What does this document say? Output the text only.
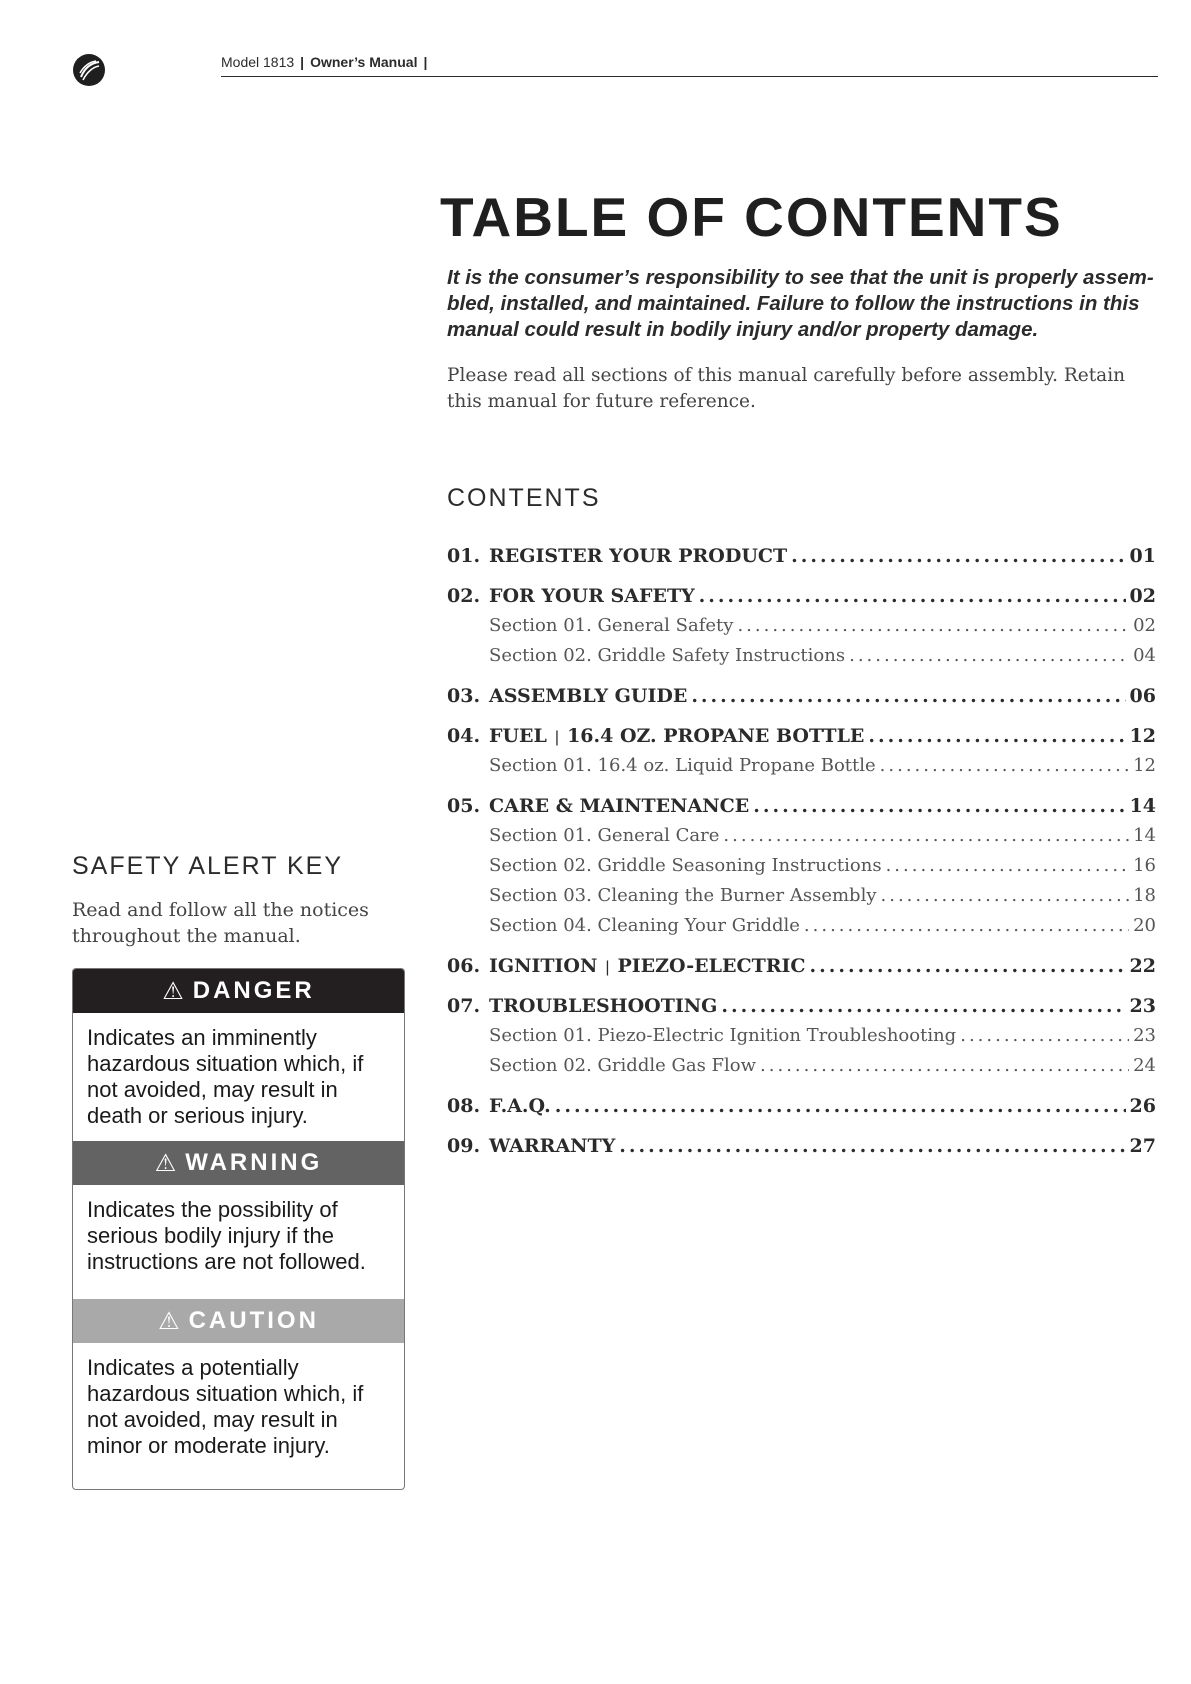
Model 1813 | Owner’s Manual |
TABLE OF CONTENTS
It is the consumer’s responsibility to see that the unit is properly assem-bled, installed, and maintained. Failure to follow the instructions in this manual could result in bodily injury and/or property damage.
Please read all sections of this manual carefully before assembly. Retain this manual for future reference.
CONTENTS
01. REGISTER YOUR PRODUCT .....	01
02. FOR YOUR SAFETY .....	02
Section 01. General Safety .....	02
Section 02. Griddle Safety Instructions .....	04
03. ASSEMBLY GUIDE .....	06
04. FUEL | 16.4 OZ. PROPANE BOTTLE .....	12
Section 01. 16.4 oz. Liquid Propane Bottle .....	12
05. CARE & MAINTENANCE .....	14
Section 01. General Care .....	14
Section 02. Griddle Seasoning Instructions .....	16
Section 03. Cleaning the Burner Assembly .....	18
Section 04. Cleaning Your Griddle .....	20
06. IGNITION | PIEZO-ELECTRIC .....	22
07. TROUBLESHOOTING .....	23
Section 01. Piezo-Electric Ignition Troubleshooting .....	23
Section 02. Griddle Gas Flow .....	24
08. F.A.Q. .....	26
09. WARRANTY .....	27
SAFETY ALERT KEY
Read and follow all the notices throughout the manual.
⚠ DANGER
Indicates an imminently hazardous situation which, if not avoided, may result in death or serious injury.
⚠ WARNING
Indicates the possibility of serious bodily injury if the instructions are not followed.
⚠ CAUTION
Indicates a potentially hazardous situation which, if not avoided, may result in minor or moderate injury.
